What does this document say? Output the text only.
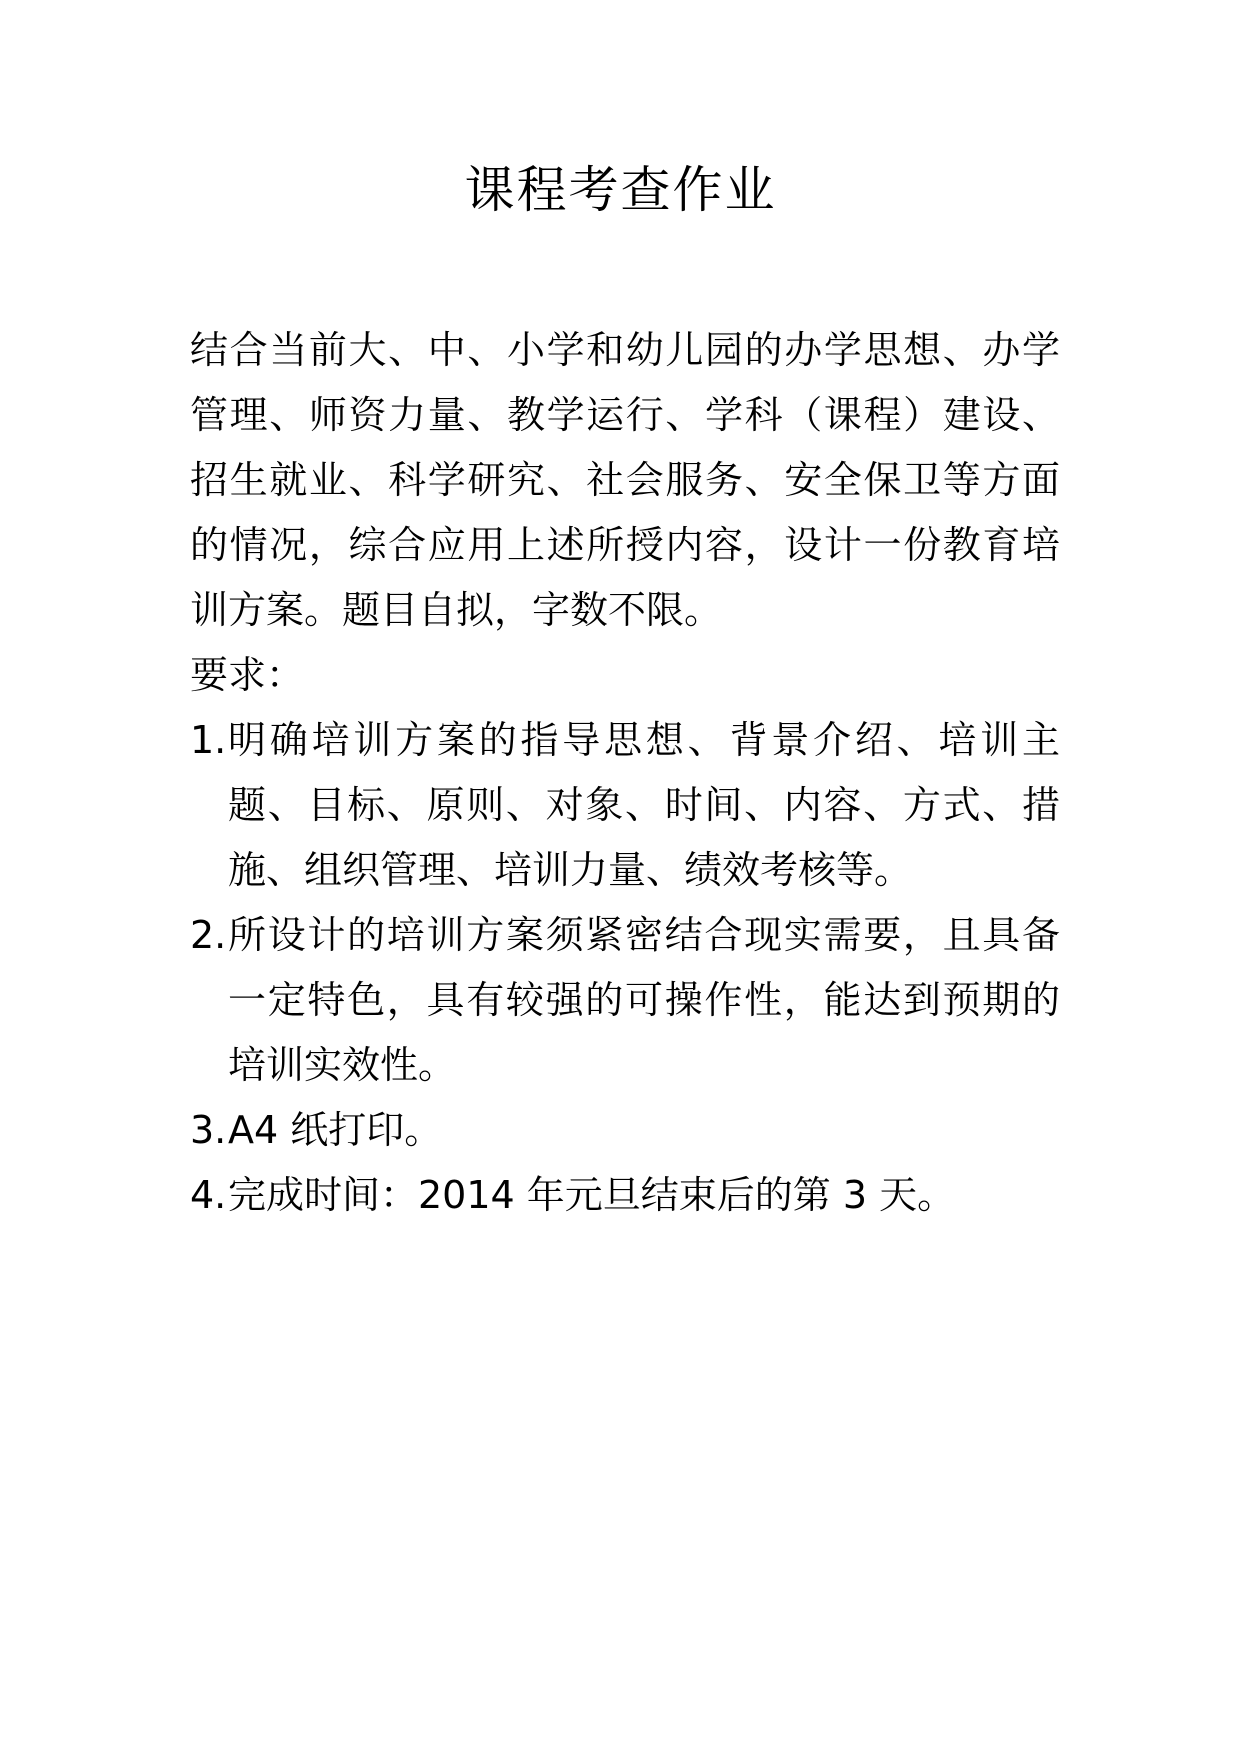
课程考查作业

结合当前大、中、小学和幼儿园的办学思想、办学管理、师资力量、教学运行、学科（课程）建设、招生就业、科学研究、社会服务、安全保卫等方面的情况，综合应用上述所授内容，设计一份教育培训方案。题目自拟，字数不限。

要求：

1. 明确培训方案的指导思想、背景介绍、培训主题、目标、原则、对象、时间、内容、方式、措施、组织管理、培训力量、绩效考核等。
2. 所设计的培训方案须紧密结合现实需要，且具备一定特色，具有较强的可操作性，能达到预期的培训实效性。
3. A4 纸打印。
4. 完成时间：2014 年元旦结束后的第 3 天。
